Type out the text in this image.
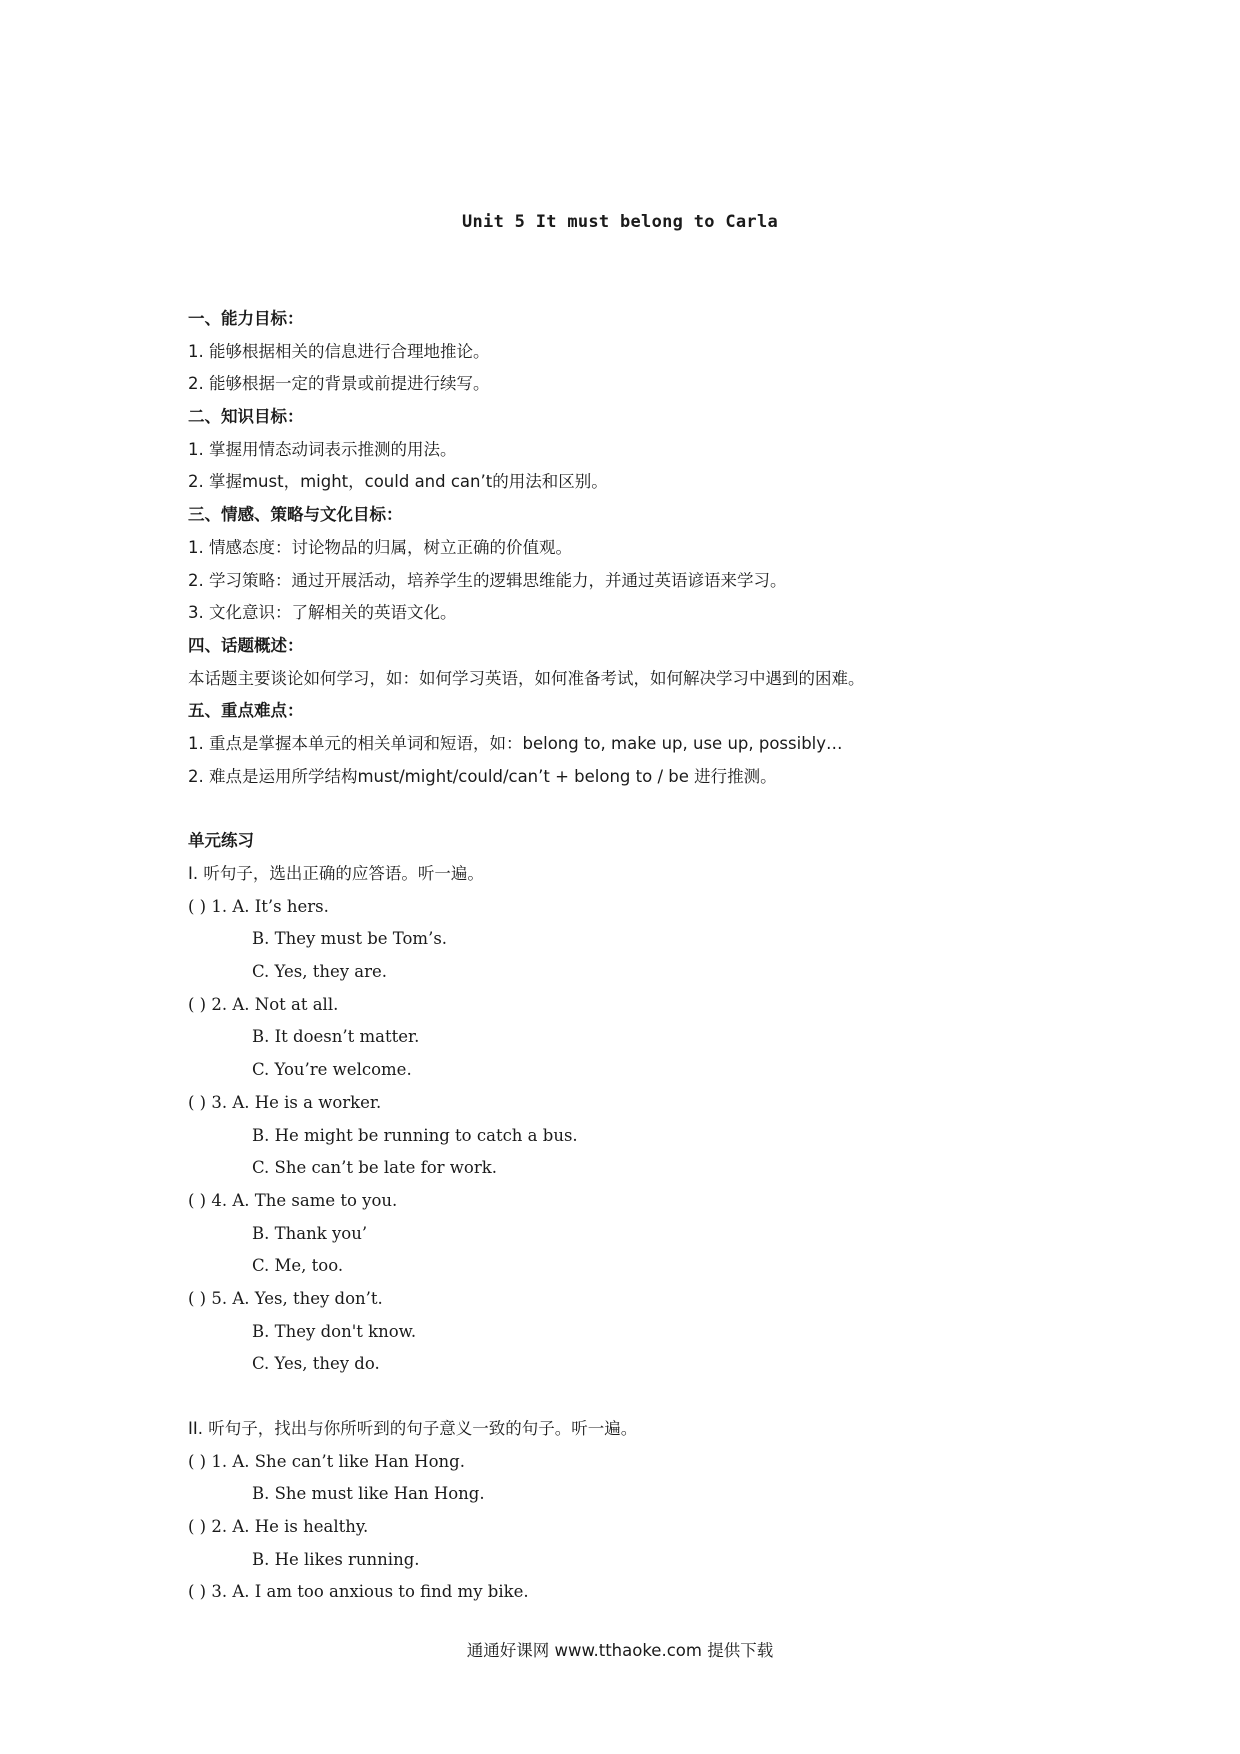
Unit 5 It must belong to Carla
一、能力目标：
1. 能够根据相关的信息进行合理地推论。
2. 能够根据一定的背景或前提进行续写。
二、知识目标：
1. 掌握用情态动词表示推测的用法。
2. 掌握must，might，could and can’t的用法和区别。
三、情感、策略与文化目标：
1. 情感态度：讨论物品的归属，树立正确的价值观。
2. 学习策略：通过开展活动，培养学生的逻辑思维能力，并通过英语谚语来学习。
3. 文化意识：了解相关的英语文化。
四、话题概述：
本话题主要谈论如何学习，如：如何学习英语，如何准备考试，如何解决学习中遇到的困难。
五、重点难点：
1. 重点是掌握本单元的相关单词和短语，如：belong to, make up, use up, possibly…
2. 难点是运用所学结构must/might/could/can’t + belong to / be 进行推测。
单元练习
I. 听句子，选出正确的应答语。听一遍。
( ) 1. A. It’s hers.
B. They must be Tom’s.
C. Yes, they are.
( ) 2. A. Not at all.
B. It doesn’t matter.
C. You’re welcome.
( ) 3. A. He is a worker.
B. He might be running to catch a bus.
C. She can’t be late for work.
( ) 4. A. The same to you.
B. Thank you’
C. Me, too.
( ) 5. A. Yes, they don’t.
B. They don't know.
C. Yes, they do.
II. 听句子，找出与你所听到的句子意义一致的句子。听一遍。
( ) 1. A. She can’t like Han Hong.
B. She must like Han Hong.
( ) 2. A. He is healthy.
B. He likes running.
( ) 3. A. I am too anxious to find my bike.
通通好课网 www.tthaoke.com 提供下载
